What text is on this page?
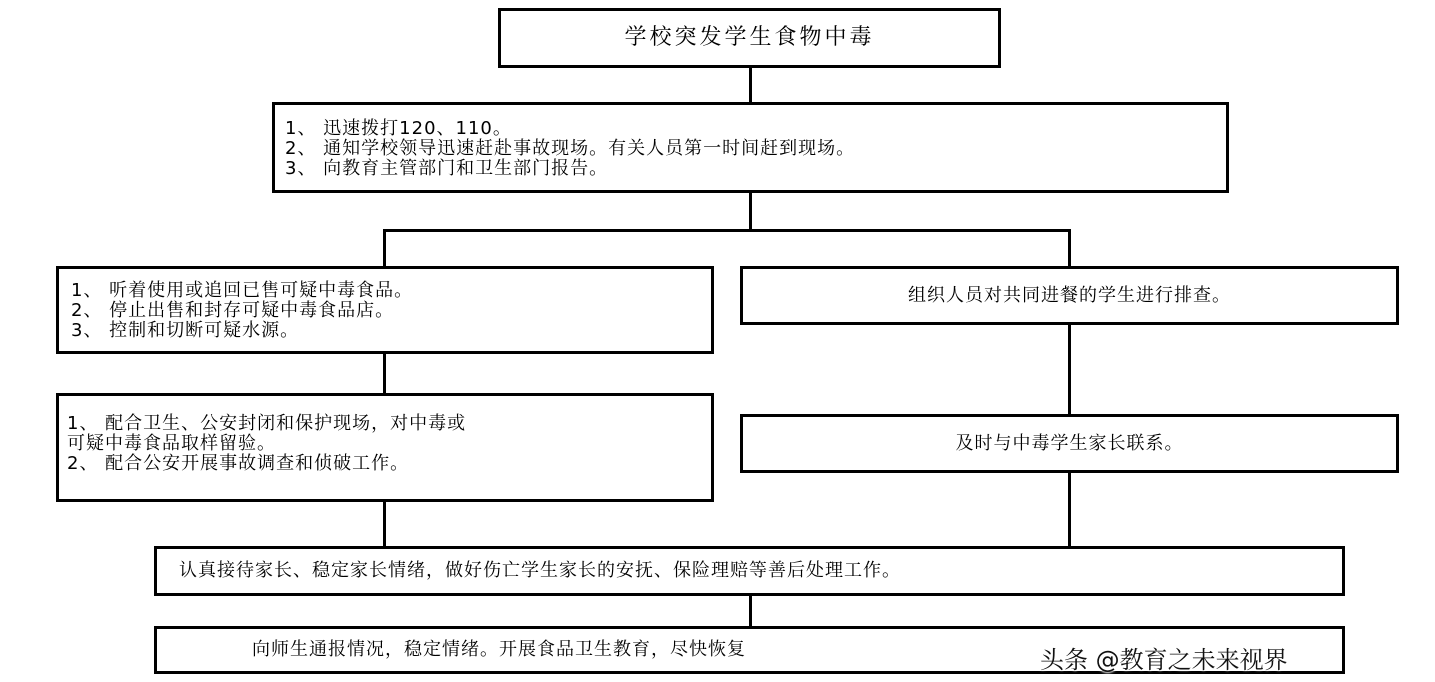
学校突发学生食物中毒
1、 迅速拨打120、110。
2、 通知学校领导迅速赶赴事故现场。有关人员第一时间赶到现场。
3、 向教育主管部门和卫生部门报告。
1、 听着使用或追回已售可疑中毒食品。
2、 停止出售和封存可疑中毒食品店。
3、 控制和切断可疑水源。
组织人员对共同进餐的学生进行排查。
1、 配合卫生、公安封闭和保护现场，对中毒或
可疑中毒食品取样留验。
2、 配合公安开展事故调查和侦破工作。
及时与中毒学生家长联系。
认真接待家长、稳定家长情绪，做好伤亡学生家长的安抚、保险理赔等善后处理工作。
向师生通报情况，稳定情绪。开展食品卫生教育，尽快恢复	头条 @教育之未来视界
